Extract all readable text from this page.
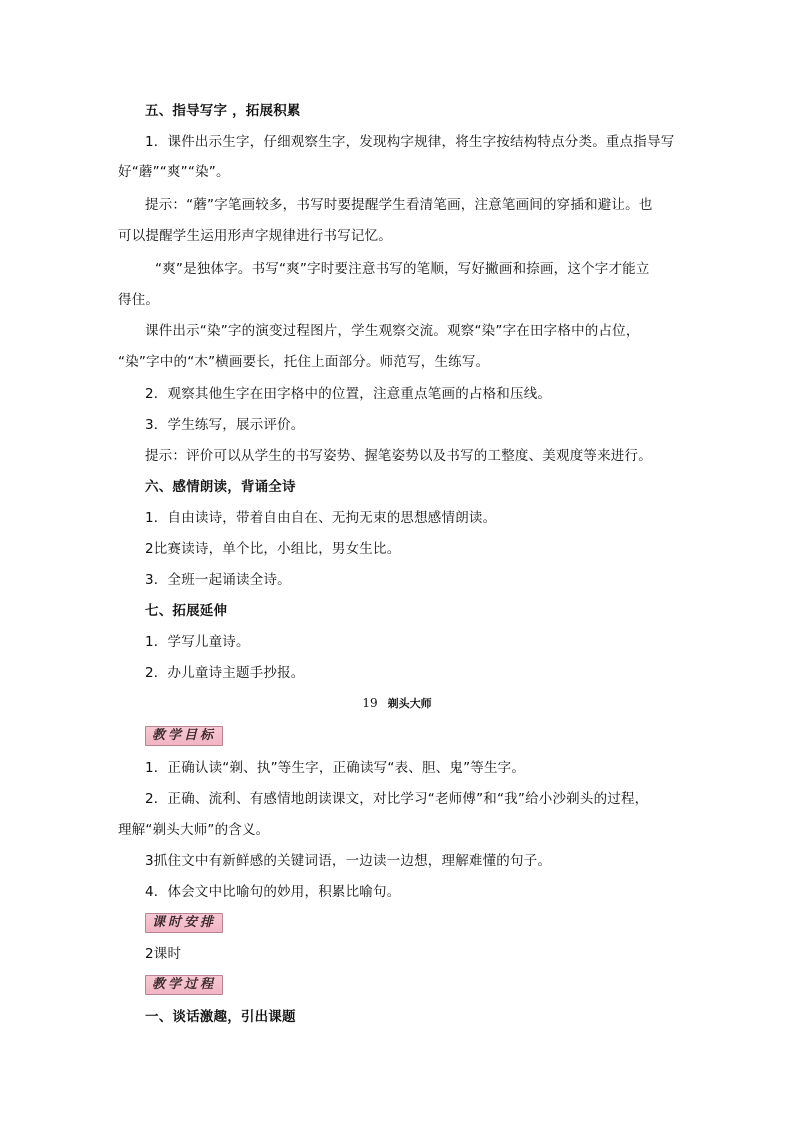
五、指导写字 ，拓展积累
1．课件出示生字，仔细观察生字，发现构字规律，将生字按结构特点分类。重点指导写
好“蘑”“爽”“染”。
提示：“蘑”字笔画较多，书写时要提醒学生看清笔画，注意笔画间的穿插和避让。也
可以提醒学生运用形声字规律进行书写记忆。
“爽”是独体字。书写“爽”字时要注意书写的笔顺，写好撇画和捺画，这个字才能立
得住。
课件出示“染”字的演变过程图片，学生观察交流。观察“染”字在田字格中的占位，
“染”字中的“木”横画要长，托住上面部分。师范写，生练写。
2．观察其他生字在田字格中的位置，注意重点笔画的占格和压线。
3．学生练写，展示评价。
提示：评价可以从学生的书写姿势、握笔姿势以及书写的工整度、美观度等来进行。
六、感情朗读，背诵全诗
1．自由读诗，带着自由自在、无拘无束的思想感情朗读。
2比赛读诗，单个比，小组比，男女生比。
3．全班一起诵读全诗。
七、拓展延伸
1．学写儿童诗。
2．办儿童诗主题手抄报。
19 剃头大师
教学目标
1．正确认读“剃、执”等生字，正确读写“表、胆、鬼”等生字。
2．正确、流利、有感情地朗读课文，对比学习“老师傅”和“我”给小沙剃头的过程，
理解“剃头大师”的含义。
3抓住文中有新鲜感的关键词语，一边读一边想，理解难懂的句子。
4．体会文中比喻句的妙用，积累比喻句。
课时安排
2课时
教学过程
一、谈话激趣，引出课题
